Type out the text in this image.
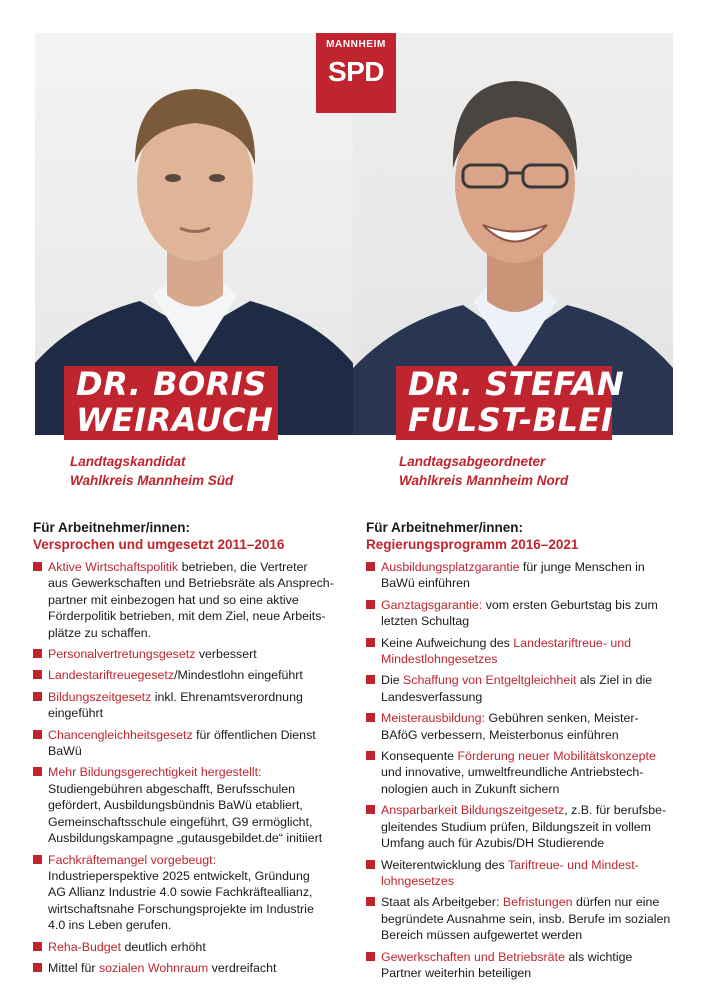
MANNHEIM
SPD
DR. BORIS
WEIRAUCH
DR. STEFAN
FULST-BLEI
Landtagskandidat
Wahlkreis Mannheim Süd
Landtagsabgeordneter
Wahlkreis Mannheim Nord
Für Arbeitnehmer/innen:
Versprochen und umgesetzt 2011–2016
Aktive Wirtschaftspolitik betrieben, die Vertreter
aus Gewerkschaften und Betriebsräte als Ansprech-
partner mit einbezogen hat und so eine aktive
Förderpolitik betrieben, mit dem Ziel, neue Arbeits-
plätze zu schaffen.
Personalvertretungsgesetz verbessert
Landestariftreuegesetz/Mindestlohn eingeführt
Bildungszeitgesetz inkl. Ehrenamtsverordnung
eingeführt
Chancengleichheitsgesetz für öffentlichen Dienst
BaWü
Mehr Bildungsgerechtigkeit hergestellt:
Studiengebühren abgeschafft, Berufsschulen
gefördert, Ausbildungsbündnis BaWü etabliert,
Gemeinschaftsschule eingeführt, G9 ermöglicht,
Ausbildungskampagne „gutausgebildet.de“ initiiert
Fachkräftemangel vorgebeugt:
Industrieperspektive 2025 entwickelt, Gründung
AG Allianz Industrie 4.0 sowie Fachkräfteallianz,
wirtschaftsnahe Forschungsprojekte im Industrie
4.0 ins Leben gerufen.
Reha-Budget deutlich erhöht
Mittel für sozialen Wohnraum verdreifacht
Für Arbeitnehmer/innen:
Regierungsprogramm 2016–2021
Ausbildungsplatzgarantie für junge Menschen in
BaWü einführen
Ganztagsgarantie: vom ersten Geburtstag bis zum
letzten Schultag
Keine Aufweichung des Landestariftreue- und
Mindestlohngesetzes
Die Schaffung von Entgeltgleichheit als Ziel in die
Landesverfassung
Meisterausbildung: Gebühren senken, Meister-
BAföG verbessern, Meisterbonus einführen
Konsequente Förderung neuer Mobilitätskonzepte
und innovative, umweltfreundliche Antriebstech-
nologien auch in Zukunft sichern
Ansparbarkeit Bildungszeitgesetz, z.B. für berufsbe-
gleitendes Studium prüfen, Bildungszeit in vollem
Umfang auch für Azubis/DH Studierende
Weiterentwicklung des Tariftreue- und Mindest-
lohngesetzes
Staat als Arbeitgeber: Befristungen dürfen nur eine
begründete Ausnahme sein, insb. Berufe im sozialen
Bereich müssen aufgewertet werden
Gewerkschaften und Betriebsräte als wichtige
Partner weiterhin beteiligen
